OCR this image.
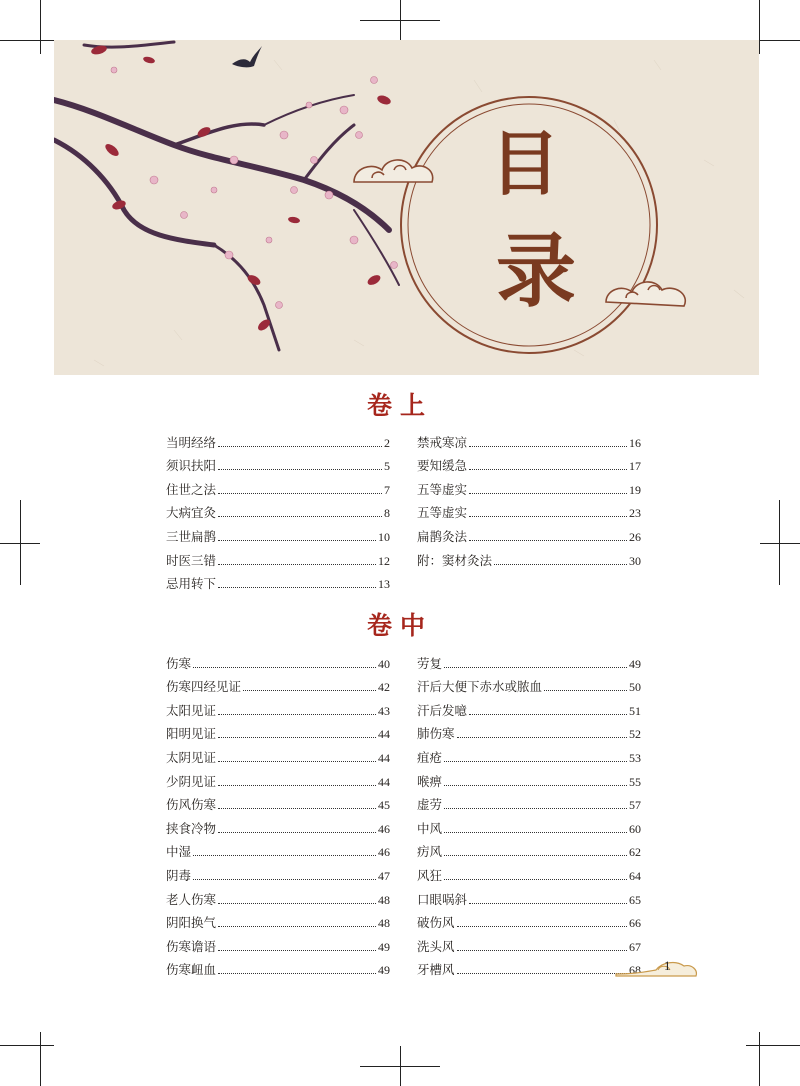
目
录
卷上
当明经络	2
须识扶阳	5
住世之法	7
大病宜灸	8
三世扁鹊	10
时医三错	12
忌用转下	13
禁戒寒凉	16
要知缓急	17
五等虚实	19
五等虚实	23
扁鹊灸法	26
附：窦材灸法	30
卷中
伤寒	40
伤寒四经见证	42
太阳见证	43
阳明见证	44
太阴见证	44
少阴见证	44
伤风伤寒	45
挟食冷物	46
中湿	46
阴毒	47
老人伤寒	48
阴阳换气	48
伤寒谵语	49
伤寒衄血	49
劳复	49
汗后大便下赤水或脓血	50
汗后发噫	51
肺伤寒	52
疽疮	53
喉痹	55
虚劳	57
中风	60
疠风	62
风狂	64
口眼㖞斜	65
破伤风	66
洗头风	67
牙槽风	68 1
